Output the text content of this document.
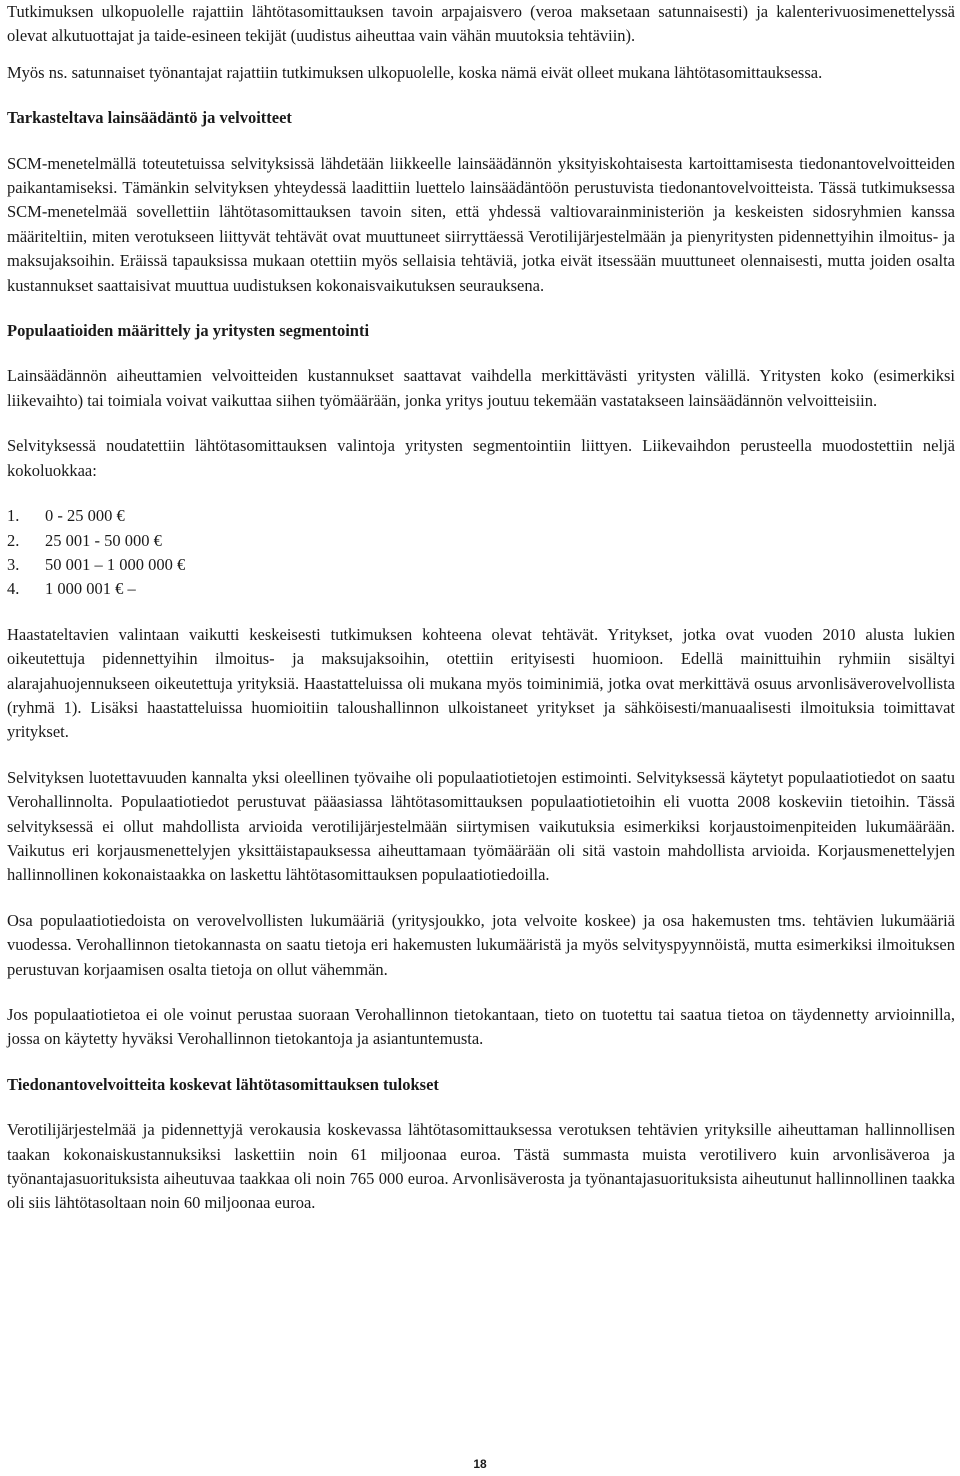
Tutkimuksen ulkopuolelle rajattiin lähtötasomittauksen tavoin arpajaisvero (veroa maksetaan satunnaisesti) ja kalenterivuosimenettelyssä olevat alkutuottajat ja taide-esineen tekijät (uudistus aiheuttaa vain vähän muutoksia tehtäviin).

Myös ns. satunnaiset työnantajat rajattiin tutkimuksen ulkopuolelle, koska nämä eivät olleet mukana lähtötasomittauksessa.

Tarkasteltava lainsäädäntö ja velvoitteet

SCM-menetelmällä toteutetuissa selvityksissä lähdetään liikkeelle lainsäädännön yksityiskohtaisesta kartoittamisesta tiedonantovelvoitteiden paikantamiseksi. Tämänkin selvityksen yhteydessä laadittiin luettelo lainsäädäntöön perustuvista tiedonantovelvoitteista. Tässä tutkimuksessa SCM-menetelmää sovellettiin lähtötasomittauksen tavoin siten, että yhdessä valtiovarainministeriön ja keskeisten sidosryhmien kanssa määriteltiin, miten verotukseen liittyvät tehtävät ovat muuttuneet siirryttäessä Verotilijärjestelmään ja pienyritysten pidennettyihin ilmoitus- ja maksujaksoihin. Eräissä tapauksissa mukaan otettiin myös sellaisia tehtäviä, jotka eivät itsessään muuttuneet olennaisesti, mutta joiden osalta kustannukset saattaisivat muuttua uudistuksen kokonaisvaikutuksen seurauksena.

Populaatioiden määrittely ja yritysten segmentointi

Lainsäädännön aiheuttamien velvoitteiden kustannukset saattavat vaihdella merkittävästi yritysten välillä. Yritysten koko (esimerkiksi liikevaihto) tai toimiala voivat vaikuttaa siihen työmäärään, jonka yritys joutuu tekemään vastatakseen lainsäädännön velvoitteisiin.

Selvityksessä noudatettiin lähtötasomittauksen valintoja yritysten segmentointiin liittyen. Liikevaihdon perusteella muodostettiin neljä kokoluokkaa:

1. 0 - 25 000 €
2. 25 001 - 50 000 €
3. 50 001 – 1 000 000 €
4. 1 000 001 € –

Haastateltavien valintaan vaikutti keskeisesti tutkimuksen kohteena olevat tehtävät. Yritykset, jotka ovat vuoden 2010 alusta lukien oikeutettuja pidennettyihin ilmoitus- ja maksujaksoihin, otettiin erityisesti huomioon. Edellä mainittuihin ryhmiin sisältyi alarajahuojennukseen oikeutettuja yrityksiä. Haastatteluissa oli mukana myös toiminimiä, jotka ovat merkittävä osuus arvonlisäverovelvollista (ryhmä 1). Lisäksi haastatteluissa huomioitiin taloushallinnon ulkoistaneet yritykset ja sähköisesti/manuaalisesti ilmoituksia toimittavat yritykset.

Selvityksen luotettavuuden kannalta yksi oleellinen työvaihe oli populaatiotietojen estimointi. Selvityksessä käytetyt populaatiotiedot on saatu Verohallinnolta. Populaatiotiedot perustuvat pääasiassa lähtötasomittauksen populaatiotietoihin eli vuotta 2008 koskeviin tietoihin. Tässä selvityksessä ei ollut mahdollista arvioida verotilijärjestelmään siirtymisen vaikutuksia esimerkiksi korjaustoimenpiteiden lukumäärään. Vaikutus eri korjausmenettelyjen yksittäistapauksessa aiheuttamaan työmäärään oli sitä vastoin mahdollista arvioida. Korjausmenettelyjen hallinnollinen kokonaistaakka on laskettu lähtötasomittauksen populaatiotiedoilla.

Osa populaatiotiedoista on verovelvollisten lukumääriä (yritysjoukko, jota velvoite koskee) ja osa hakemusten tms. tehtävien lukumääriä vuodessa. Verohallinnon tietokannasta on saatu tietoja eri hakemusten lukumääristä ja myös selvityspyynnöistä, mutta esimerkiksi ilmoituksen perustuvan korjaamisen osalta tietoja on ollut vähemmän.

Jos populaatiotietoa ei ole voinut perustaa suoraan Verohallinnon tietokantaan, tieto on tuotettu tai saatua tietoa on täydennetty arvioinnilla, jossa on käytetty hyväksi Verohallinnon tietokantoja ja asiantuntemusta.

Tiedonantovelvoitteita koskevat lähtötasomittauksen tulokset

Verotilijärjestelmää ja pidennettyjä verokausia koskevassa lähtötasomittauksessa verotuksen tehtävien yrityksille aiheuttaman hallinnollisen taakan kokonaiskustannuksiksi laskettiin noin 61 miljoonaa euroa. Tästä summasta muista verotilivero kuin arvonlisäveroa ja työnantajasuorituksista aiheutuvaa taakkaa oli noin 765 000 euroa. Arvonlisäverosta ja työnantajasuorituksista aiheutunut hallinnollinen taakka oli siis lähtötasoltaan noin 60 miljoonaa euroa.

18
